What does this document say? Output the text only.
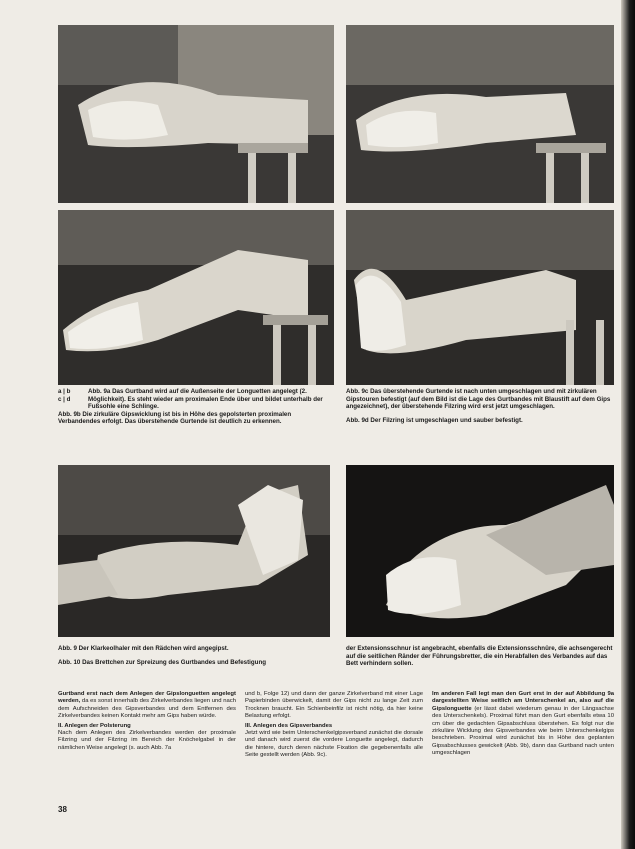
a | b
c | d

Abb. 9a Das Gurtband wird auf die Außenseite der Longuetten angelegt (2. Möglichkeit). Es steht wieder am proximalen Ende über und bildet unterhalb der Fußsohle eine Schlinge.

Abb. 9b Die zirkuläre Gipswicklung ist bis in Höhe des gepolsterten proximalen Verbandendes erfolgt. Das überstehende Gurtende ist deutlich zu erkennen.

Abb. 9c Das überstehende Gurtende ist nach unten umgeschlagen und mit zirkulären Gipstouren befestigt (auf dem Bild ist die Lage des Gurtbandes mit Blaustift auf dem Gips angezeichnet), der überstehende Filzring wird erst jetzt umgeschlagen.

Abb. 9d Der Filzring ist umgeschlagen und sauber befestigt.

Abb. 9 Der Klarkeolhaler mit den Rädchen wird angegipst.

Abb. 10 Das Brettchen zur Spreizung des Gurtbandes und Befestigung

der Extensionsschnur ist angebracht, ebenfalls die Extensionsschnüre, die achsengerecht auf die seitlichen Ränder der Führungsbretter, die ein Herabfallen des Verbandes auf das Bett verhindern sollen.

Gurtband erst nach dem Anlegen der Gipslonguetten angelegt werden, da es sonst innerhalb des Zirkelverbandes liegen und nach dem Aufschneiden des Gipsverbandes und dem Entfernen des Zirkelverbandes keinen Kontakt mehr am Gips haben würde.

II. Anlegen der Polsterung

Nach dem Anlegen des Zirkelverbandes werden der proximale Filzring und der Filzring im Bereich der Knöchelgabel in der nämlichen Weise angelegt (s. auch Abb. 7a

und b, Folge 12) und dann der ganze Zirkelverband mit einer Lage Papierbinden überwickelt, damit der Gips nicht zu lange Zeit zum Trocknen braucht. Ein Schienbeinfilz ist nicht nötig, da hier keine Belastung erfolgt.

III. Anlegen des Gipsverbandes

Jetzt wird wie beim Unterschenkelgipsverband zunächst die dorsale und danach wird zuerst die vordere Longuette angelegt, dadurch die hintere, durch deren nächste Fixation die gegebenenfalls alle Seite gestellt werden (Abb. 9c).

Im anderen Fall legt man den Gurt erst in der auf Abbildung 9a dargestellten Weise seitlich am Unterschenkel an, also auf die Gipslonguette (er lässt dabei wiederum genau in der Längsachse des Unterschenkels). Proximal führt man den Gurt ebenfalls etwa 10 cm über die gedachten Gipsabschluss überstehen. Es folgt nur die zirkuläre Wicklung des Gipsverbandes wie beim Unterschenkelgips beschrieben. Proximal wird zunächst bis in Höhe des geplanten Gipsabschlusses gewickelt (Abb. 9b), dann das Gurtband nach unten umgeschlagen

38
